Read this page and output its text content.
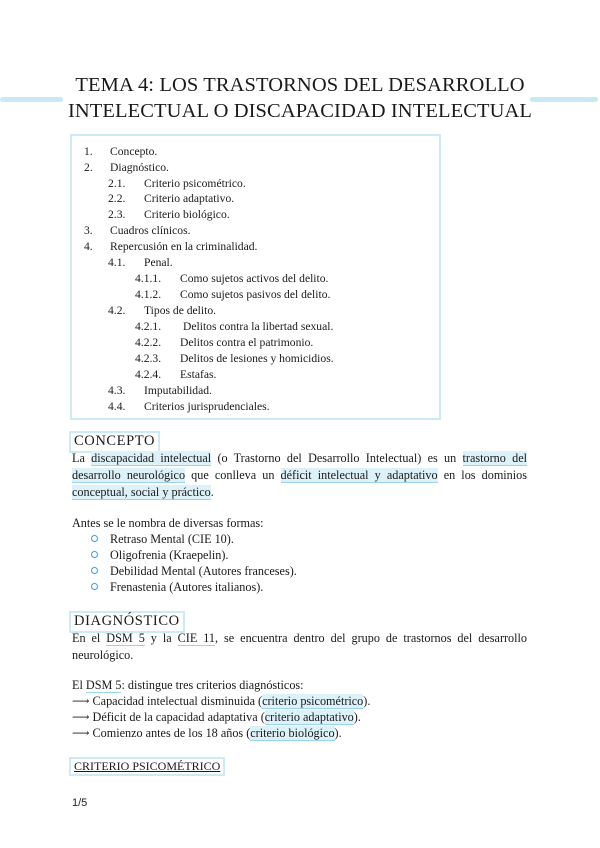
TEMA 4: LOS TRASTORNOS DEL DESARROLLO
INTELECTUAL O DISCAPACIDAD INTELECTUAL
1. Concepto.
2. Diagnóstico.
2.1. Criterio psicométrico.
2.2. Criterio adaptativo.
2.3. Criterio biológico.
3. Cuadros clínicos.
4. Repercusión en la criminalidad.
4.1. Penal.
4.1.1. Como sujetos activos del delito.
4.1.2. Como sujetos pasivos del delito.
4.2. Tipos de delito.
4.2.1. Delitos contra la libertad sexual.
4.2.2. Delitos contra el patrimonio.
4.2.3. Delitos de lesiones y homicidios.
4.2.4. Estafas.
4.3. Imputabilidad.
4.4. Criterios jurisprudenciales.
CONCEPTO
La discapacidad intelectual (o Trastorno del Desarrollo Intelectual) es un trastorno del desarrollo neurológico que conlleva un déficit intelectual y adaptativo en los dominios conceptual, social y práctico.
Antes se le nombra de diversas formas:
Retraso Mental (CIE 10).
Oligofrenia (Kraepelin).
Debilidad Mental (Autores franceses).
Frenastenia (Autores italianos).
DIAGNÓSTICO
En el DSM 5 y la CIE 11, se encuentra dentro del grupo de trastornos del desarrollo neurológico.
El DSM 5: distingue tres criterios diagnósticos:
⟶ Capacidad intelectual disminuida (criterio psicométrico).
⟶ Déficit de la capacidad adaptativa (criterio adaptativo).
⟶ Comienzo antes de los 18 años (criterio biológico).
CRITERIO PSICOMÉTRICO
1/5
